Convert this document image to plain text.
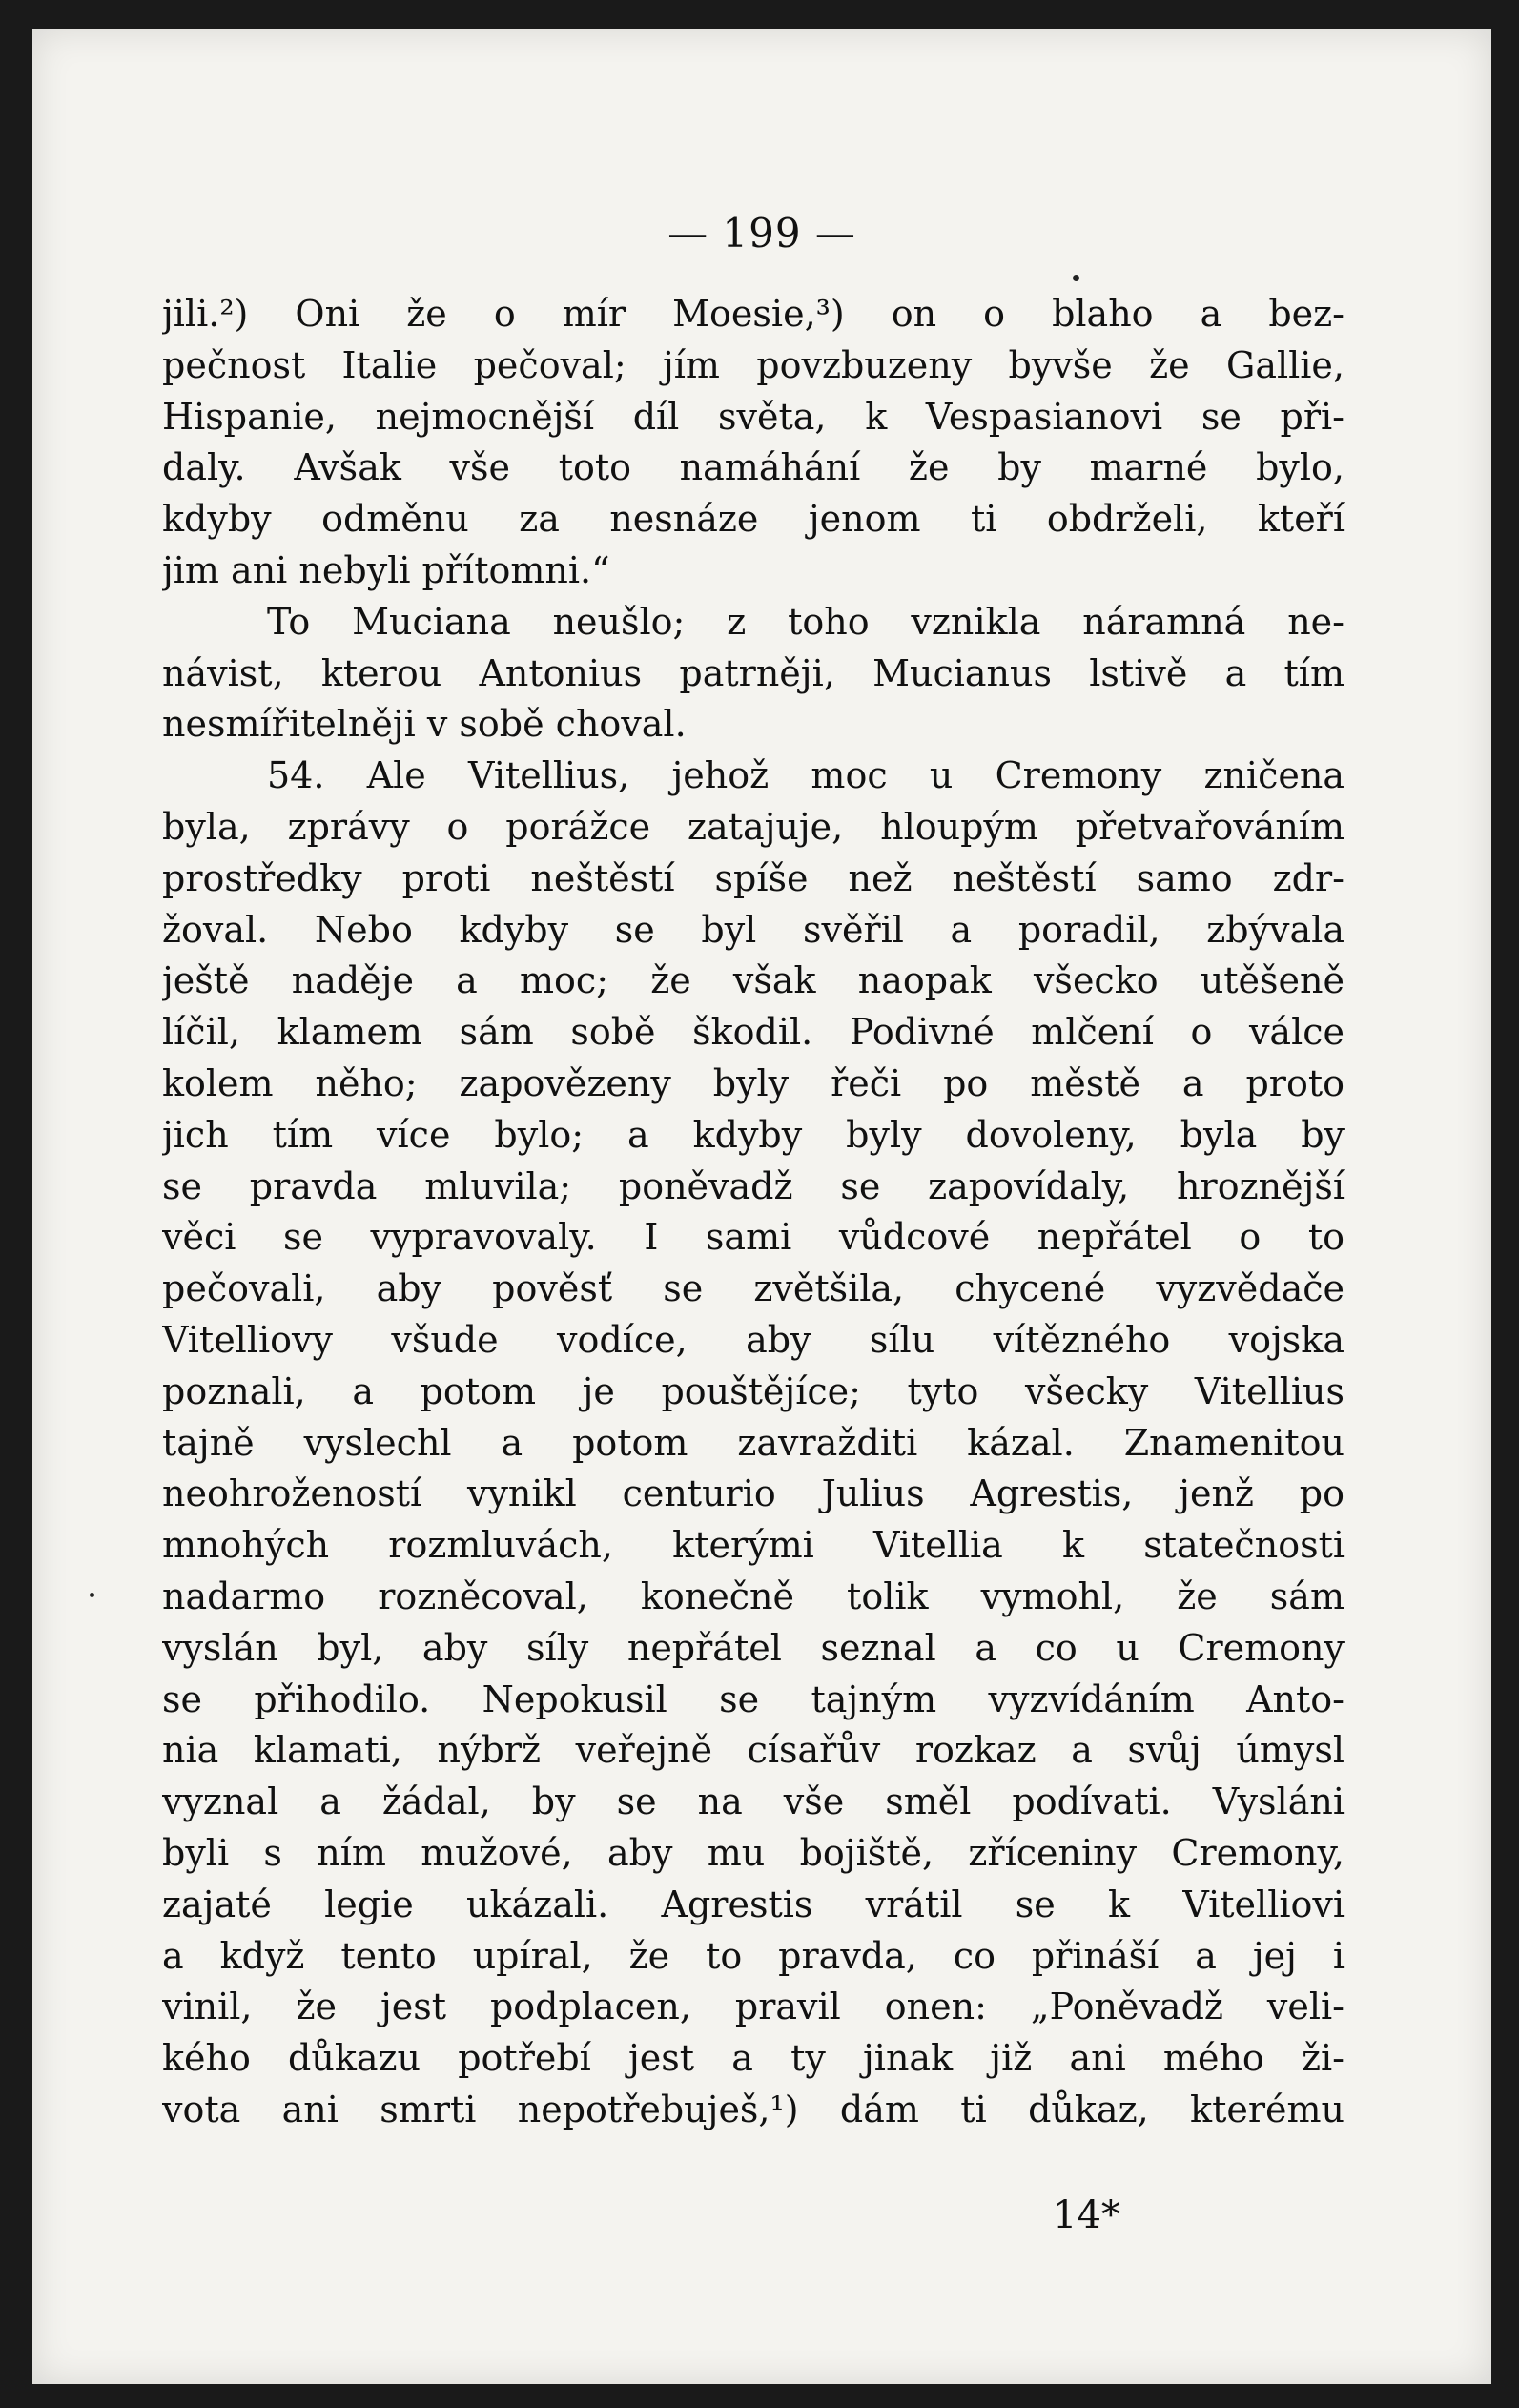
— 199 —
jili.²) Oni že o mír Moesie,³) on o blaho a bez-
pečnost Italie pečoval; jím povzbuzeny byvše že Gallie,
Hispanie, nejmocnější díl světa, k Vespasianovi se při-
daly. Avšak vše toto namáhání že by marné bylo,
kdyby odměnu za nesnáze jenom ti obdrželi, kteří
jim ani nebyli přítomni.“
To Muciana neušlo; z toho vznikla náramná ne-
návist, kterou Antonius patrněji, Mucianus lstivě a tím
nesmířitelněji v sobě choval.
54. Ale Vitellius, jehož moc u Cremony zničena
byla, zprávy o porážce zatajuje, hloupým přetvařováním
prostředky proti neštěstí spíše než neštěstí samo zdr-
žoval. Nebo kdyby se byl svěřil a poradil, zbývala
ještě naděje a moc; že však naopak všecko utěšeně
líčil, klamem sám sobě škodil. Podivné mlčení o válce
kolem něho; zapovězeny byly řeči po městě a proto
jich tím více bylo; a kdyby byly dovoleny, byla by
se pravda mluvila; poněvadž se zapovídaly, hroznější
věci se vypravovaly. I sami vůdcové nepřátel o to
pečovali, aby pověsť se zvětšila, chycené vyzvědače
Vitelliovy všude vodíce, aby sílu vítězného vojska
poznali, a potom je pouštějíce; tyto všecky Vitellius
tajně vyslechl a potom zavražditi kázal. Znamenitou
neohrožeností vynikl centurio Julius Agrestis, jenž po
mnohých rozmluvách, kterými Vitellia k statečnosti
nadarmo rozněcoval, konečně tolik vymohl, že sám
vyslán byl, aby síly nepřátel seznal a co u Cremony
se přihodilo. Nepokusil se tajným vyzvídáním Anto-
nia klamati, nýbrž veřejně císařův rozkaz a svůj úmysl
vyznal a žádal, by se na vše směl podívati. Vysláni
byli s ním mužové, aby mu bojiště, zříceniny Cremony,
zajaté legie ukázali. Agrestis vrátil se k Vitelliovi
a když tento upíral, že to pravda, co přináší a jej i
vinil, že jest podplacen, pravil onen: „Poněvadž veli-
kého důkazu potřebí jest a ty jinak již ani mého ži-
vota ani smrti nepotřebuješ,¹) dám ti důkaz, kterému
14*
